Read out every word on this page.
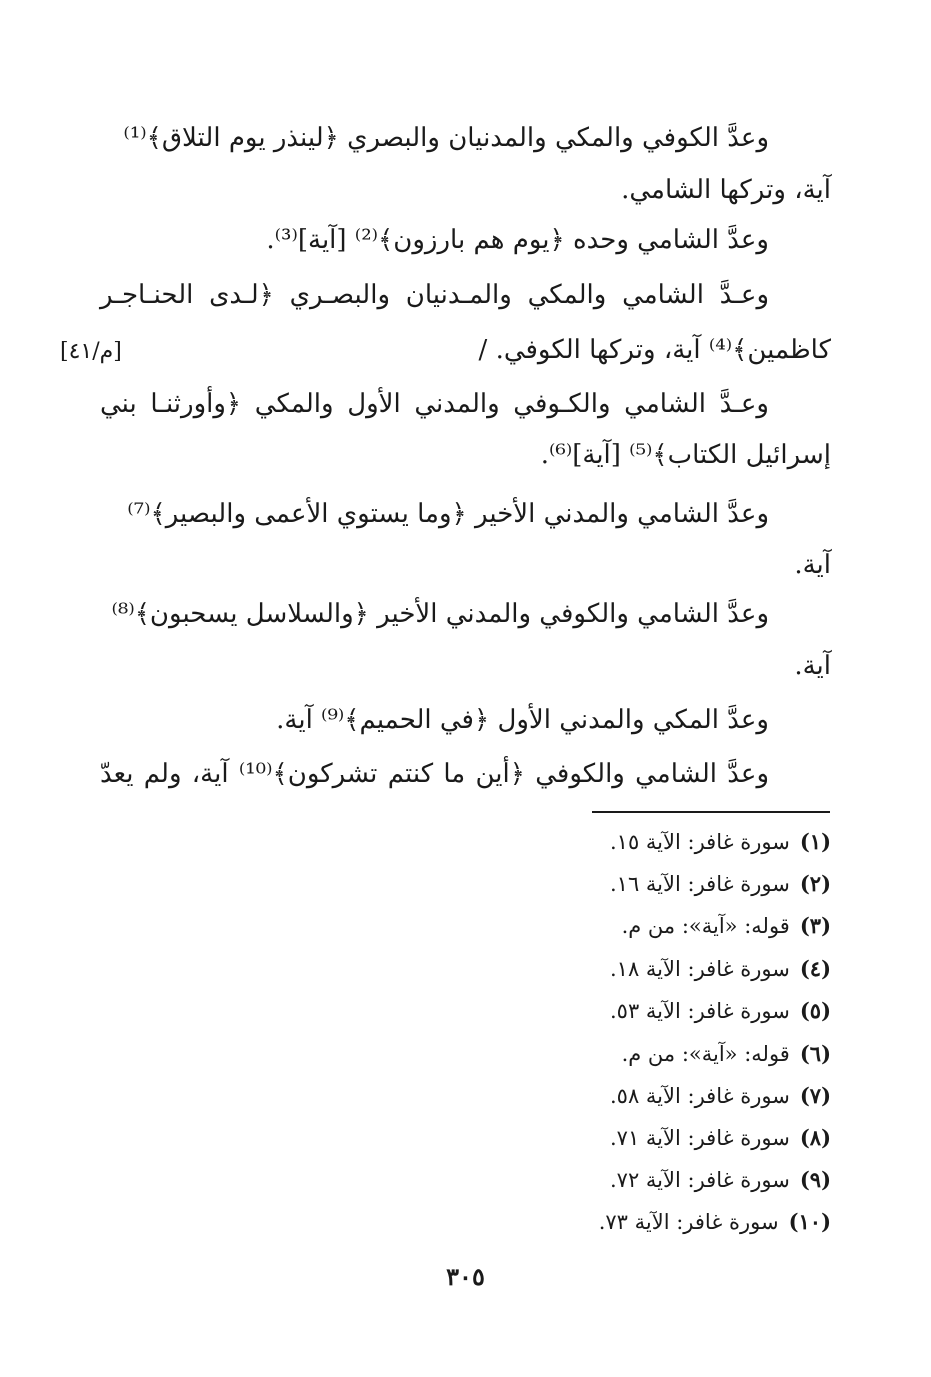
وعدَّ الكوفي والمكي والمدنيان والبصري ﴿لينذر يوم التلاق﴾⁽¹⁾
آية، وتركها الشامي.
وعدَّ الشامي وحده ﴿يوم هم بارزون﴾⁽²⁾ [آية]⁽³⁾.
وعـدَّ الشامي والمكي والمـدنيان والبصـري ﴿لـدى الحنـاجـر
كاظمين﴾⁽⁴⁾ آية، وتركها الكوفي. /
[م/٤١]
وعـدَّ الشامي والكـوفي والمدني الأول والمكي ﴿وأورثنـا بني
إسرائيل الكتاب﴾⁽⁵⁾ [آية]⁽⁶⁾.
وعدَّ الشامي والمدني الأخير ﴿وما يستوي الأعمى والبصير﴾⁽⁷⁾
آية.
وعدَّ الشامي والكوفي والمدني الأخير ﴿والسلاسل يسحبون﴾⁽⁸⁾
آية.
وعدَّ المكي والمدني الأول ﴿في الحميم﴾⁽⁹⁾ آية.
وعدَّ الشامي والكوفي ﴿أين ما كنتم تشركون﴾⁽¹⁰⁾ آية، ولم يعدّ
(١)سورة غافر: الآية ١٥.
(٢)سورة غافر: الآية ١٦.
(٣)قوله: «آية»: من م.
(٤)سورة غافر: الآية ١٨.
(٥)سورة غافر: الآية ٥٣.
(٦)قوله: «آية»: من م.
(٧)سورة غافر: الآية ٥٨.
(٨)سورة غافر: الآية ٧١.
(٩)سورة غافر: الآية ٧٢.
(١٠)سورة غافر: الآية ٧٣.
٣٠٥
